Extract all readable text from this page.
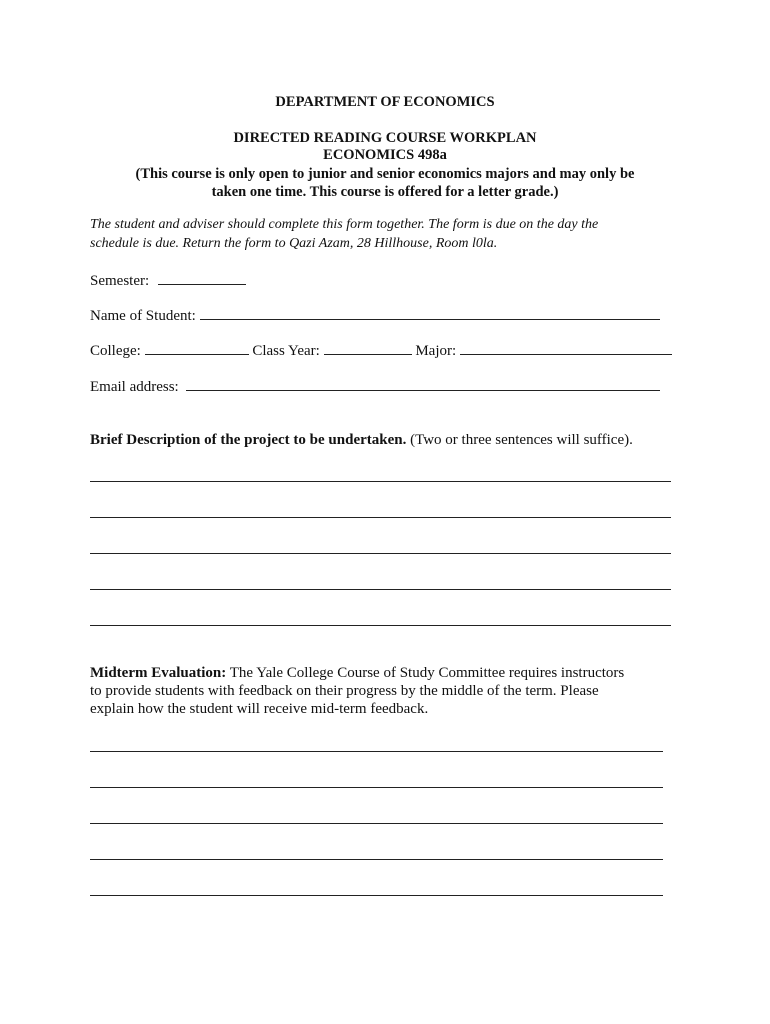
DEPARTMENT OF ECONOMICS
DIRECTED READING COURSE WORKPLAN
ECONOMICS 498a
(This course is only open to junior and senior economics majors and may only be
taken one time. This course is offered for a letter grade.)
The student and adviser should complete this form together. The form is due on the day the
schedule is due. Return the form to Qazi Azam, 28 Hillhouse, Room l0la.
Semester:
Name of Student:
College:	Class Year:	Major:
Email address:
Brief Description of the project to be undertaken. (Two or three sentences will suffice).
Midterm Evaluation: The Yale College Course of Study Committee requires instructors
to provide students with feedback on their progress by the middle of the term. Please
explain how the student will receive mid-term feedback.
